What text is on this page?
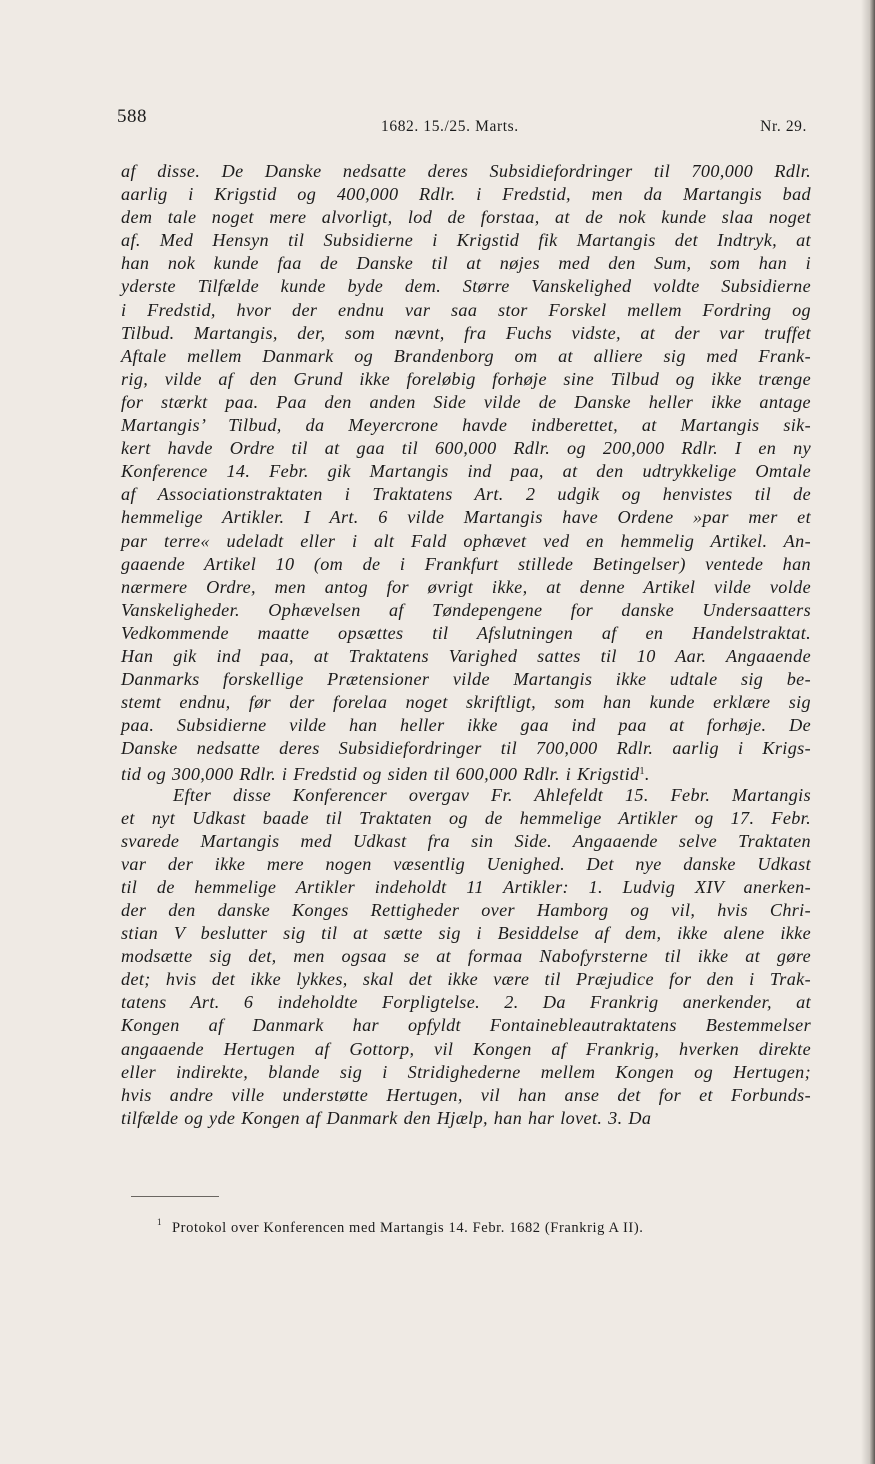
588	1682. 15./25. Marts.	Nr. 29.
af disse. De Danske nedsatte deres Subsidiefordringer til 700,000 Rdlr.
aarlig i Krigstid og 400,000 Rdlr. i Fredstid, men da Martangis bad
dem tale noget mere alvorligt, lod de forstaa, at de nok kunde slaa noget
af. Med Hensyn til Subsidierne i Krigstid fik Martangis det Indtryk, at
han nok kunde faa de Danske til at nøjes med den Sum, som han i
yderste Tilfælde kunde byde dem. Større Vanskelighed voldte Subsidierne
i Fredstid, hvor der endnu var saa stor Forskel mellem Fordring og
Tilbud. Martangis, der, som nævnt, fra Fuchs vidste, at der var truffet
Aftale mellem Danmark og Brandenborg om at alliere sig med Frank-
rig, vilde af den Grund ikke foreløbig forhøje sine Tilbud og ikke trænge
for stærkt paa. Paa den anden Side vilde de Danske heller ikke antage
Martangis’ Tilbud, da Meyercrone havde indberettet, at Martangis sik-
kert havde Ordre til at gaa til 600,000 Rdlr. og 200,000 Rdlr. I en ny
Konference 14. Febr. gik Martangis ind paa, at den udtrykkelige Omtale
af Associationstraktaten i Traktatens Art. 2 udgik og henvistes til de
hemmelige Artikler. I Art. 6 vilde Martangis have Ordene »par mer et
par terre« udeladt eller i alt Fald ophævet ved en hemmelig Artikel. An-
gaaende Artikel 10 (om de i Frankfurt stillede Betingelser) ventede han
nærmere Ordre, men antog for øvrigt ikke, at denne Artikel vilde volde
Vanskeligheder. Ophævelsen af Tøndepengene for danske Undersaatters
Vedkommende maatte opsættes til Afslutningen af en Handelstraktat.
Han gik ind paa, at Traktatens Varighed sattes til 10 Aar. Angaaende
Danmarks forskellige Prætensioner vilde Martangis ikke udtale sig be-
stemt endnu, før der forelaa noget skriftligt, som han kunde erklære sig
paa. Subsidierne vilde han heller ikke gaa ind paa at forhøje. De
Danske nedsatte deres Subsidiefordringer til 700,000 Rdlr. aarlig i Krigs-
tid og 300,000 Rdlr. i Fredstid og siden til 600,000 Rdlr. i Krigstid$^1$.
Efter disse Konferencer overgav Fr. Ahlefeldt 15. Febr. Martangis
et nyt Udkast baade til Traktaten og de hemmelige Artikler og 17. Febr.
svarede Martangis med Udkast fra sin Side. Angaaende selve Traktaten
var der ikke mere nogen væsentlig Uenighed. Det nye danske Udkast
til de hemmelige Artikler indeholdt 11 Artikler: 1. Ludvig XIV anerken-
der den danske Konges Rettigheder over Hamborg og vil, hvis Chri-
stian V beslutter sig til at sætte sig i Besiddelse af dem, ikke alene ikke
modsætte sig det, men ogsaa se at formaa Nabofyrsterne til ikke at gøre
det; hvis det ikke lykkes, skal det ikke være til Præjudice for den i Trak-
tatens Art. 6 indeholdte Forpligtelse. 2. Da Frankrig anerkender, at
Kongen af Danmark har opfyldt Fontainebleautraktatens Bestemmelser
angaaende Hertugen af Gottorp, vil Kongen af Frankrig, hverken direkte
eller indirekte, blande sig i Stridighederne mellem Kongen og Hertugen;
hvis andre ville understøtte Hertugen, vil han anse det for et Forbunds-
tilfælde og yde Kongen af Danmark den Hjælp, han har lovet. 3. Da
1 Protokol over Konferencen med Martangis 14. Febr. 1682 (Frankrig A II).
